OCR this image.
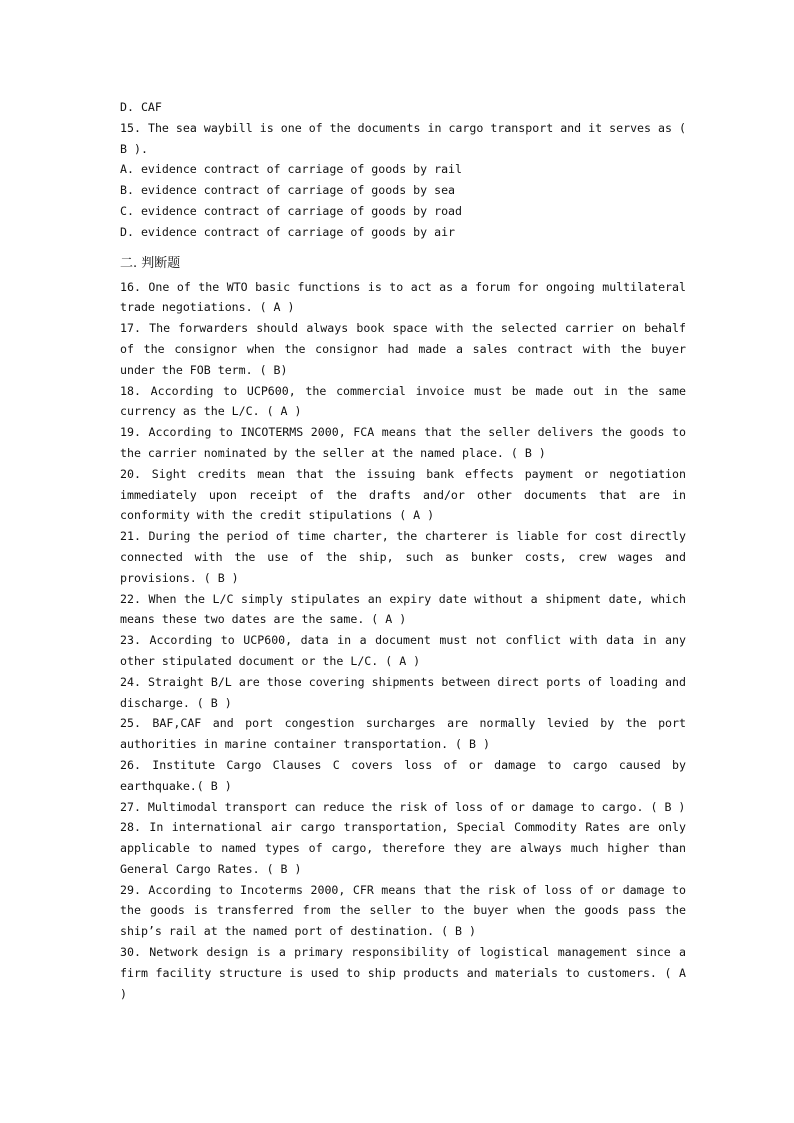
D. CAF
15. The sea waybill is one of the documents in cargo transport and it serves as ( B ).
A. evidence contract of carriage of goods by rail
B. evidence contract of carriage of goods by sea
C. evidence contract of carriage of goods by road
D. evidence contract of carriage of goods by air
二. 判断题
16. One of the WTO basic functions is to act as a forum for ongoing multilateral trade negotiations. ( A )
17. The forwarders should always book space with the selected carrier on behalf of the consignor when the consignor had made a sales contract with the buyer under the FOB term. ( B)
18. According to UCP600, the commercial invoice must be made out in the same currency as the L/C. ( A )
19. According to INCOTERMS 2000, FCA means that the seller delivers the goods to the carrier nominated by the seller at the named place. ( B )
20. Sight credits mean that the issuing bank effects payment or negotiation immediately upon receipt of the drafts and/or other documents that are in conformity with the credit stipulations ( A )
21. During the period of time charter, the charterer is liable for cost directly connected with the use of the ship, such as bunker costs, crew wages and provisions. ( B )
22. When the L/C simply stipulates an expiry date without a shipment date, which means these two dates are the same. ( A )
23. According to UCP600, data in a document must not conflict with data in any other stipulated document or the L/C. ( A )
24. Straight B/L are those covering shipments between direct ports of loading and discharge. ( B )
25. BAF,CAF and port congestion surcharges are normally levied by the port authorities in marine container transportation. ( B )
26. Institute Cargo Clauses C covers loss of or damage to cargo caused by earthquake.( B )
27. Multimodal transport can reduce the risk of loss of or damage to cargo. ( B )
28. In international air cargo transportation, Special Commodity Rates are only applicable to named types of cargo, therefore they are always much higher than General Cargo Rates. ( B )
29. According to Incoterms 2000, CFR means that the risk of loss of or damage to the goods is transferred from the seller to the buyer when the goods pass the ship’s rail at the named port of destination. ( B )
30. Network design is a primary responsibility of logistical management since a firm facility structure is used to ship products and materials to customers. ( A )
